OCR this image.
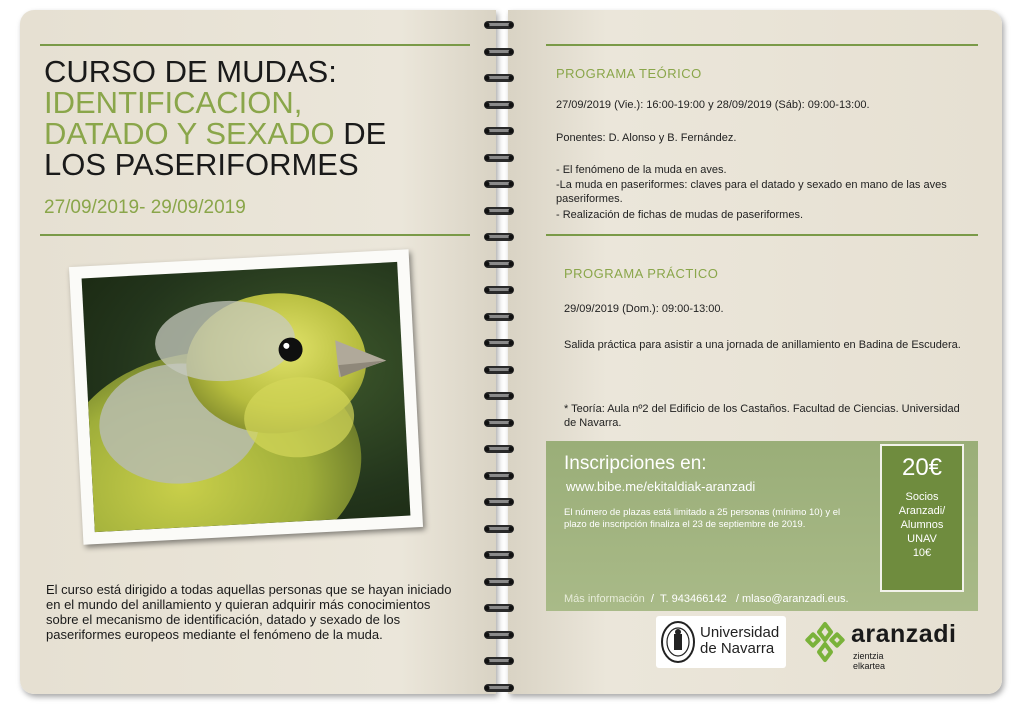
CURSO DE MUDAS:
IDENTIFICACION,
DATADO Y SEXADO DE
LOS PASERIFORMES
27/09/2019- 29/09/2019
El curso está dirigido a todas aquellas personas que se hayan iniciado en el mundo del anillamiento y quieran adquirir más conocimientos sobre el mecanismo de identificación, datado y sexado de los paseriformes europeos mediante el fenómeno de la muda.
PROGRAMA TEÓRICO
27/09/2019 (Vie.): 16:00-19:00 y 28/09/2019 (Sáb): 09:00-13:00.
Ponentes: D. Alonso y B. Fernández.
- El fenómeno de la muda en aves.
-La muda en paseriformes: claves para el datado y sexado en mano de las aves paseriformes.
- Realización de fichas de mudas de paseriformes.
PROGRAMA PRÁCTICO
29/09/2019 (Dom.): 09:00-13:00.
Salida práctica para asistir a una jornada de anillamiento en Badina de Escudera.
* Teoría: Aula nº2 del Edificio de los Castaños. Facultad de Ciencias. Universidad de Navarra.
Inscripciones en:
www.bibe.me/ekitaldiak-aranzadi
El número de plazas está limitado a 25 personas (mínimo 10) y el plazo de inscripción finaliza el 23 de septiembre de 2019.
Más información / T. 943466142 / mlaso@aranzadi.eus.
20€
Socios
Aranzadi/
Alumnos
UNAV
10€
Universidad
de Navarra
aranzadi
zientzia elkartea
